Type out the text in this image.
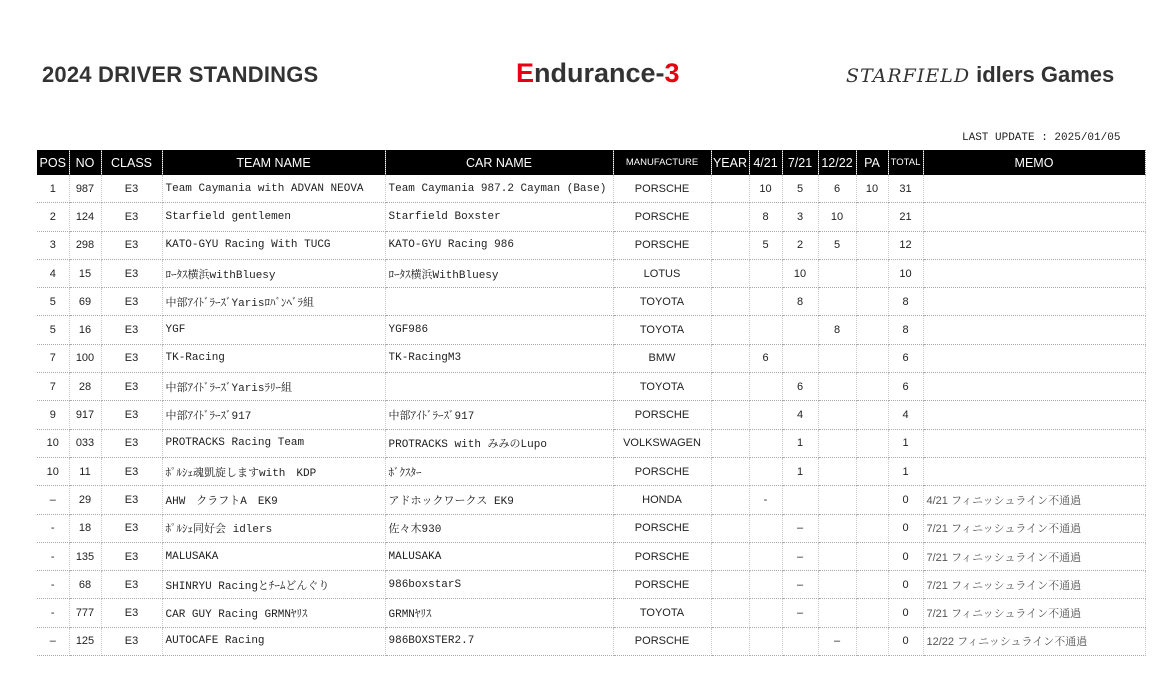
2024 DRIVER STANDINGS	Endurance-3	STARFIELD idlers Games
LAST UPDATE : 2025/01/05
POS	NO	CLASS	TEAM NAME	CAR NAME	MANUFACTURE	YEAR	4/21	7/21	12/22	PA	TOTAL	MEMO
1	987	E3	Team Caymania with ADVAN NEOVA	Team Caymania 987.2 Cayman (Base)	PORSCHE		10	5	6	10	31	
2	124	E3	Starfield gentlemen	Starfield Boxster	PORSCHE		8	3	10		21	
3	298	E3	KATO-GYU Racing With TUCG	KATO-GYU Racing 986	PORSCHE		5	2	5		12	
4	15	E3	ﾛｰﾀｽ横浜withBluesy	ﾛｰﾀｽ横浜WithBluesy	LOTUS			10			10	
5	69	E3	中部ｱｲﾄﾞﾗｰｽﾞYarisﾛﾊﾞﾝﾍﾞﾗ組		TOYOTA			8			8	
5	16	E3	YGF	YGF986	TOYOTA				8		8	
7	100	E3	TK-Racing	TK-RacingM3	BMW		6				6	
7	28	E3	中部ｱｲﾄﾞﾗｰｽﾞYarisﾗﾘｰ組		TOYOTA			6			6	
9	917	E3	中部ｱｲﾄﾞﾗｰｽﾞ917	中部ｱｲﾄﾞﾗｰｽﾞ917	PORSCHE			4			4	
10	033	E3	PROTRACKS Racing Team	PROTRACKS with みみのLupo	VOLKSWAGEN			1			1	
10	11	E3	ﾎﾟﾙｼｪ魂凱旋しますwith　KDP	ﾎﾞｸｽﾀｰ	PORSCHE			1			1	
–	29	E3	AHW　クラフトA　EK9	アドホックワークス EK9	HONDA		-				0	4/21 フィニッシュライン不通過
-	18	E3	ﾎﾟﾙｼｪ同好会 idlers	佐々木930	PORSCHE			–			0	7/21 フィニッシュライン不通過
-	135	E3	MALUSAKA	MALUSAKA	PORSCHE			–			0	7/21 フィニッシュライン不通過
-	68	E3	SHINRYU Racingとﾁｰﾑどんぐり	986boxstarS	PORSCHE			–			0	7/21 フィニッシュライン不通過
-	777	E3	CAR GUY Racing GRMNﾔﾘｽ	GRMNﾔﾘｽ	TOYOTA			–			0	7/21 フィニッシュライン不通過
–	125	E3	AUTOCAFE Racing	986BOXSTER2.7	PORSCHE				–		0	12/22 フィニッシュライン不通過
